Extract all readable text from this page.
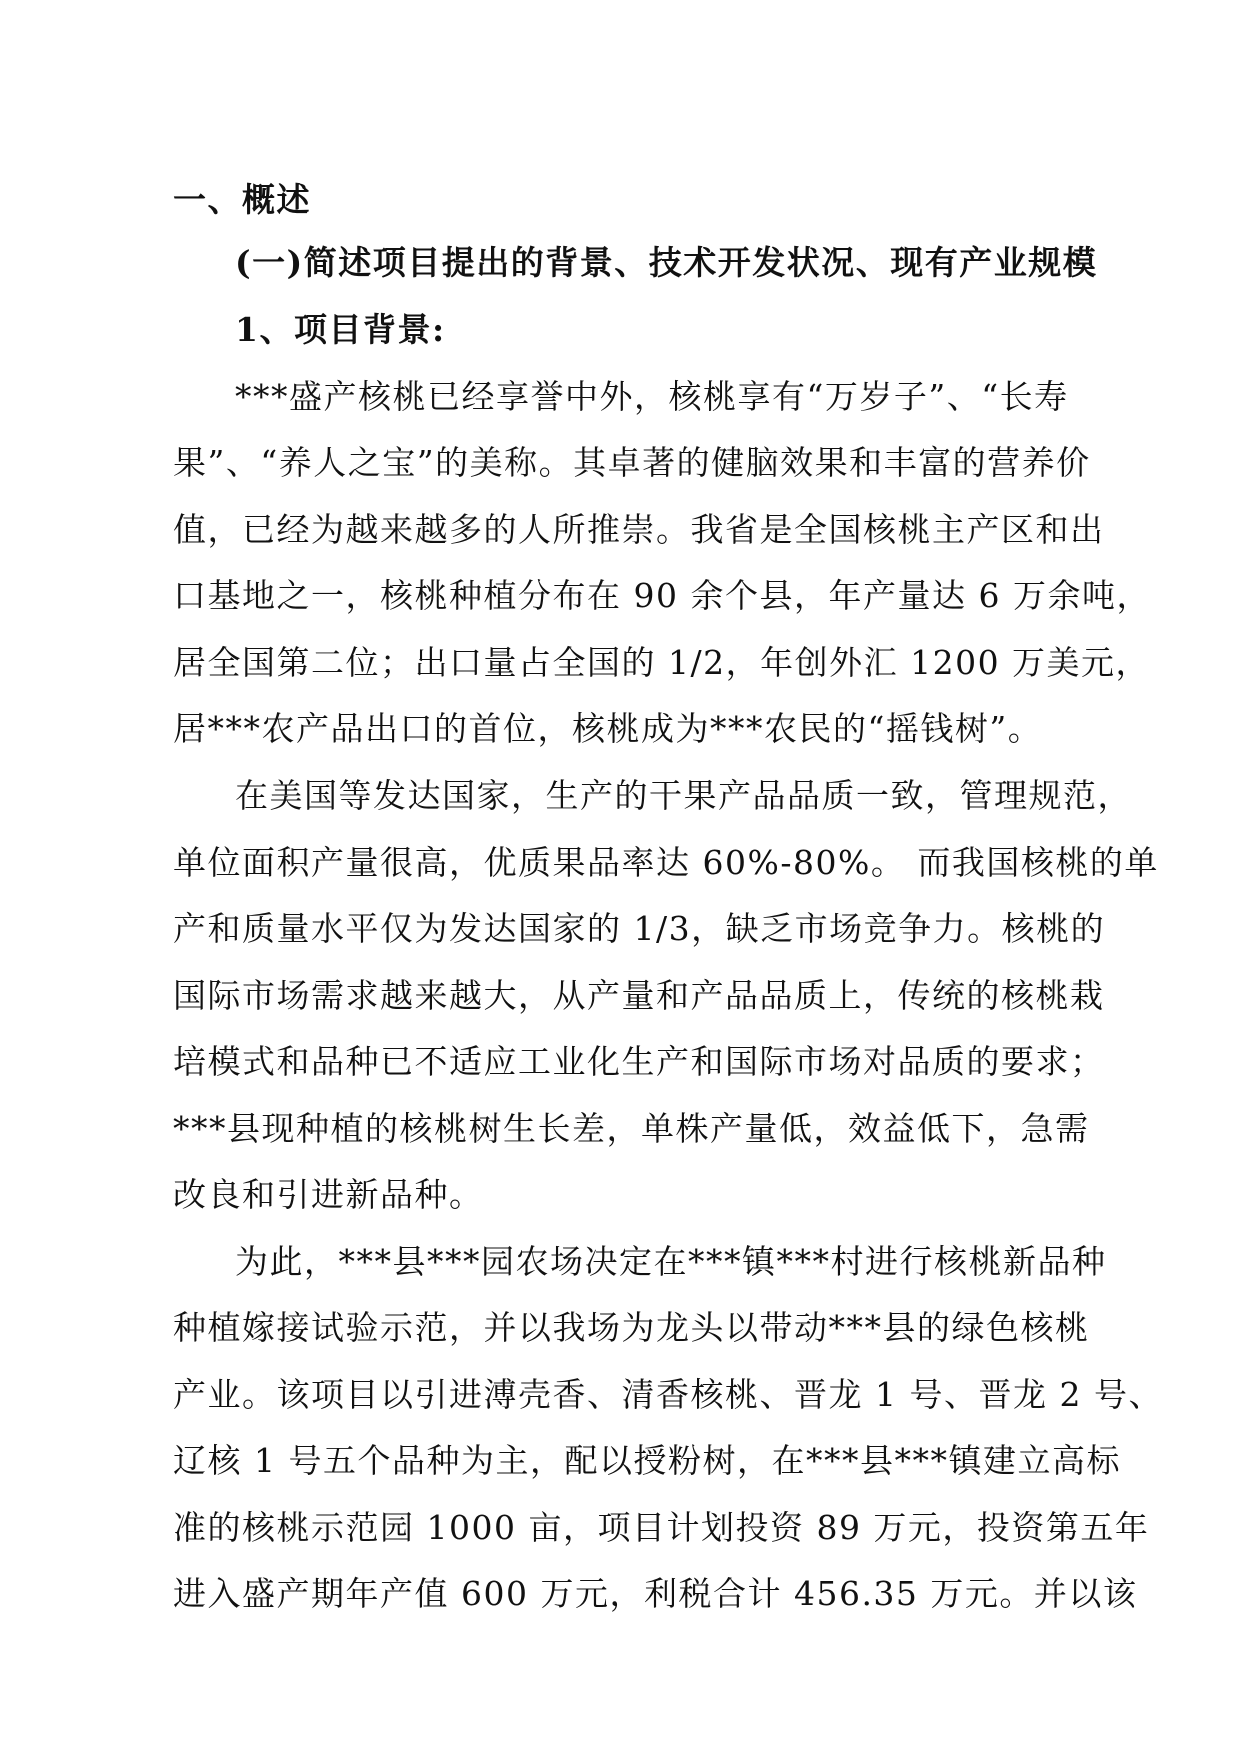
一、概述
(一)简述项目提出的背景、技术开发状况、现有产业规模
1、项目背景:
***盛产核桃已经享誉中外，核桃享有“万岁子”、“长寿
果”、“养人之宝”的美称。其卓著的健脑效果和丰富的营养价
值，已经为越来越多的人所推崇。我省是全国核桃主产区和出
口基地之一，核桃种植分布在 90 余个县，年产量达 6 万余吨，
居全国第二位；出口量占全国的 1/2，年创外汇 1200 万美元，
居***农产品出口的首位，核桃成为***农民的“摇钱树”。
在美国等发达国家，生产的干果产品品质一致，管理规范，
单位面积产量很高，优质果品率达 60%-80%。 而我国核桃的单
产和质量水平仅为发达国家的 1/3，缺乏市场竞争力。核桃的
国际市场需求越来越大，从产量和产品品质上，传统的核桃栽
培模式和品种已不适应工业化生产和国际市场对品质的要求；
***县现种植的核桃树生长差，单株产量低，效益低下，急需
改良和引进新品种。
为此，***县***园农场决定在***镇***村进行核桃新品种
种植嫁接试验示范，并以我场为龙头以带动***县的绿色核桃
产业。该项目以引进溥壳香、清香核桃、晋龙 1 号、晋龙 2 号、
辽核 1 号五个品种为主，配以授粉树，在***县***镇建立高标
准的核桃示范园 1000 亩，项目计划投资 89 万元，投资第五年
进入盛产期年产值 600 万元，利税合计 456.35 万元。并以该
